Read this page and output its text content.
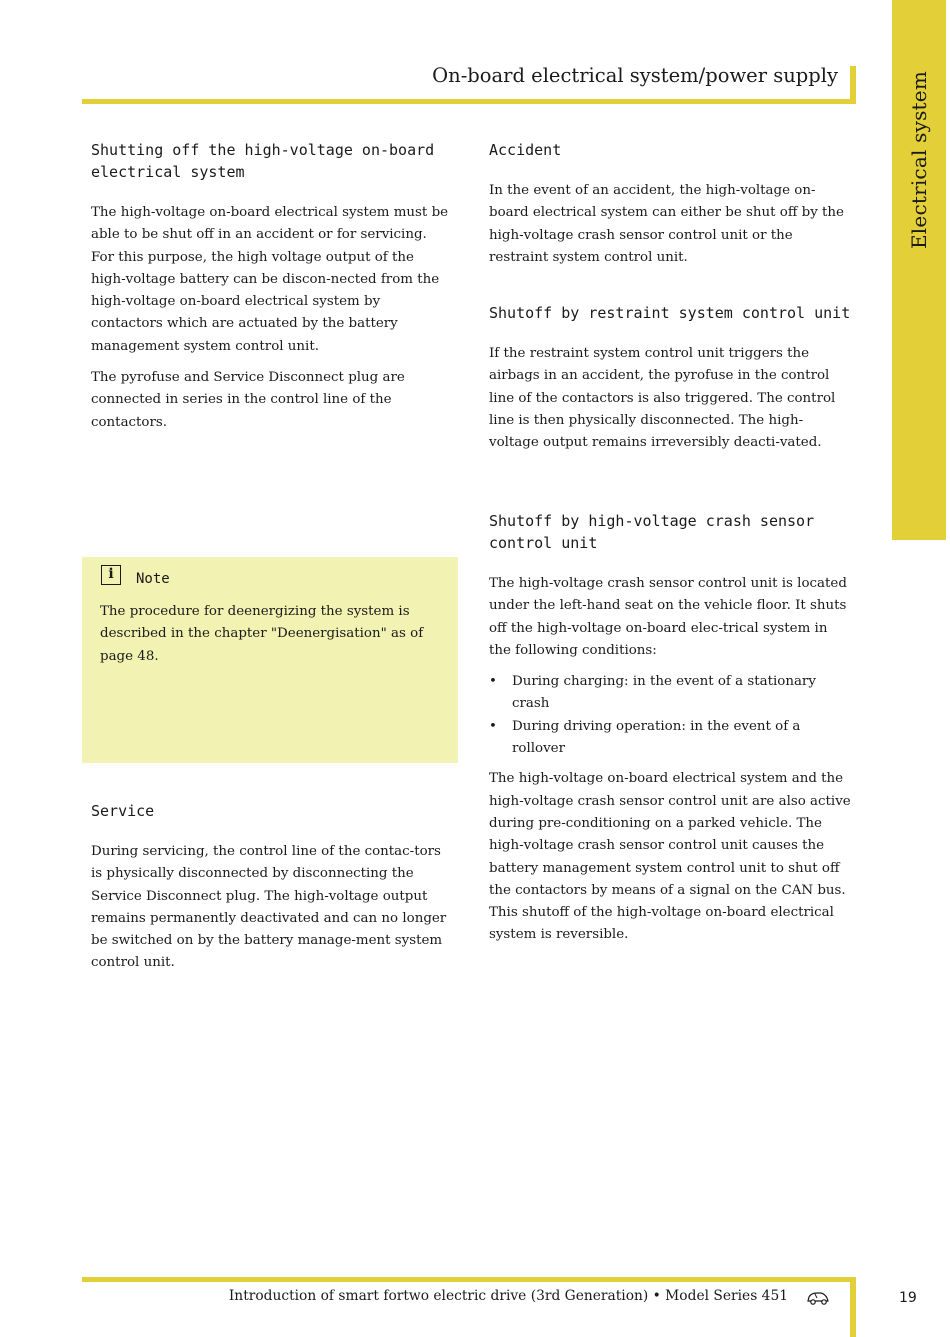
Electrical system
On-board electrical system/power supply
Shutting off the high-voltage on-board electrical system

The high-voltage on-board electrical system must be able to be shut off in an accident or for servicing. For this purpose, the high voltage output of the high-voltage battery can be discon-nected from the high-voltage on-board electrical system by contactors which are actuated by the battery management system control unit.

The pyrofuse and Service Disconnect plug are connected in series in the control line of the contactors.

i	Note

The procedure for deenergizing the system is described in the chapter "Deenergisation" as of page 48.

Service

During servicing, the control line of the contac-tors is physically disconnected by disconnecting the Service Disconnect plug. The high-voltage output remains permanently deactivated and can no longer be switched on by the battery manage-ment system control unit.

Accident

In the event of an accident, the high-voltage on-board electrical system can either be shut off by the high-voltage crash sensor control unit or the restraint system control unit.

Shutoff by restraint system control unit

If the restraint system control unit triggers the airbags in an accident, the pyrofuse in the control line of the contactors is also triggered. The control line is then physically disconnected. The high-voltage output remains irreversibly deacti-vated.

Shutoff by high-voltage crash sensor control unit

The high-voltage crash sensor control unit is located under the left-hand seat on the vehicle floor. It shuts off the high-voltage on-board elec-trical system in the following conditions:

• During charging: in the event of a stationary crash
• During driving operation: in the event of a rollover

The high-voltage on-board electrical system and the high-voltage crash sensor control unit are also active during pre-conditioning on a parked vehicle. The high-voltage crash sensor control unit causes the battery management system control unit to shut off the contactors by means of a signal on the CAN bus. This shutoff of the high-voltage on-board electrical system is reversible.

Introduction of smart fortwo electric drive (3rd Generation) • Model Series 451	19
